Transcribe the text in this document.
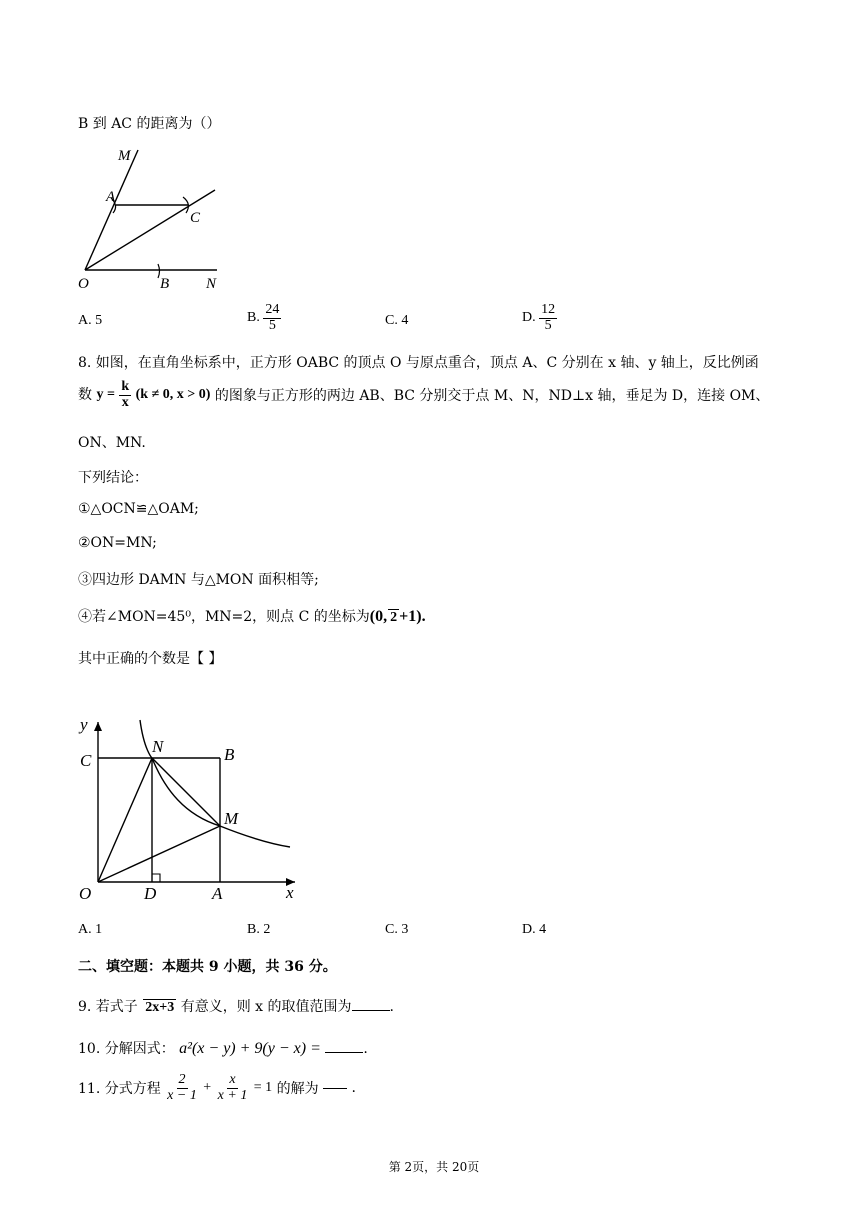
B 到 AC 的距离为（）
M
A
C
O	B N
A. 5	B. $\frac{24}{5}$	C. 4	D. $\frac{12}{5}$
8. 如图，在直角坐标系中，正方形 OABC 的顶点 O 与原点重合，顶点 A、C 分别在 x 轴、y 轴上，反比例函
数 $y = \frac{k}{x} (k \ne 0$, x > 0) 的图象与正方形的两边 AB、BC 分别交于点 M、N，ND⊥x 轴，垂足为 D，连接 OM、
ON、MN.
下列结论：
①△OCN≌△OAM;
②ON=MN;
③四边形 DAMN 与△MON 面积相等;
④若∠MON=45⁰，MN=2，则点 C 的坐标为(0, 2 +1).
其中正确的个数是【 】
y
C
N	B
M
O	D	A	x
A. 1	B. 2	C. 3	D. 4
二、填空题：本题共 9 小题，共 36 分。
9. 若式子 2x+3 有意义，则 x 的取值范围为	.
10. 分解因式： a²(x − y) + 9(y − x) =	.
11. 分式方程 $\frac{2}{x - 1} + \frac{x}{x + 1} = 1$ 的解为 .
第 2页，共 20页
